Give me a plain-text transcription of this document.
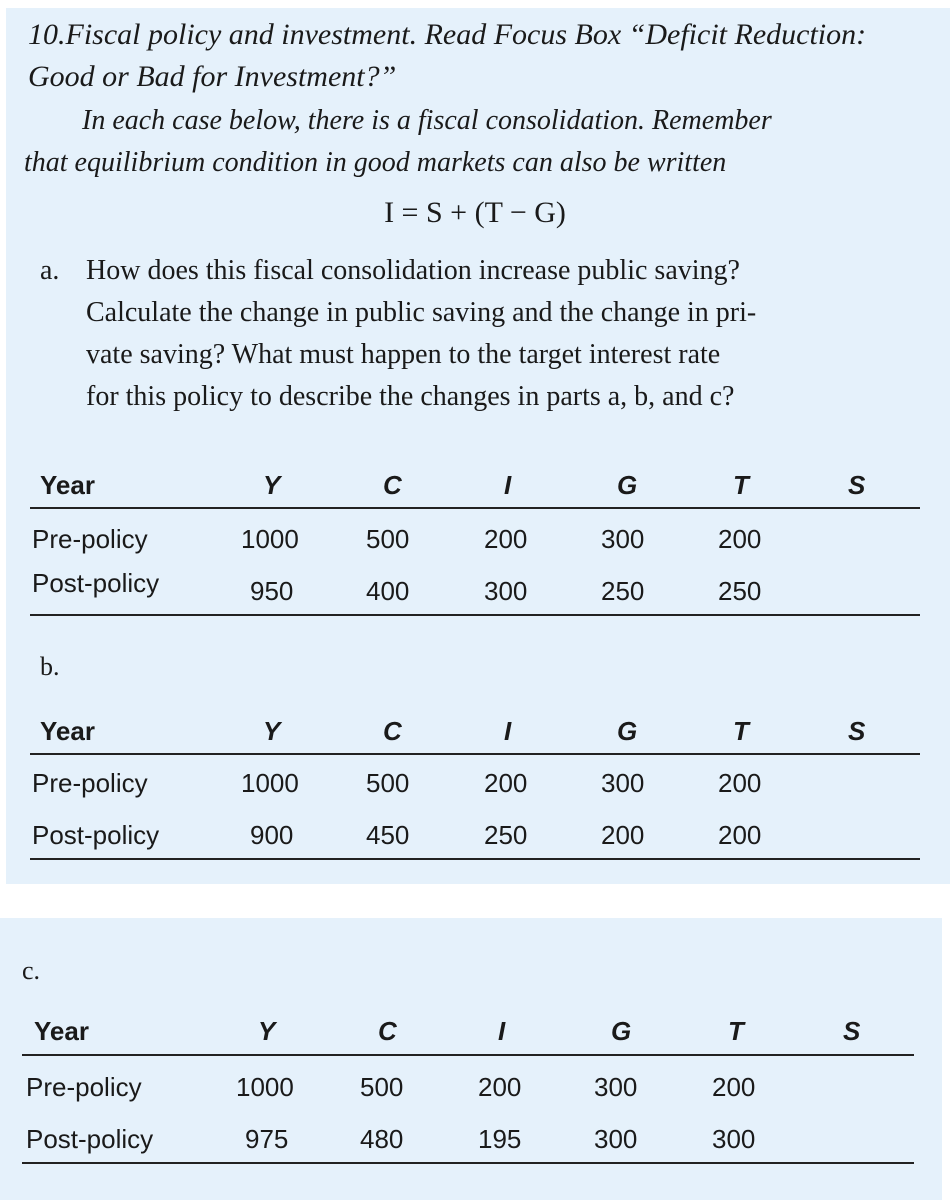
10.Fiscal policy and investment. Read Focus Box “Deficit Reduction:
Good or Bad for Investment?”
In each case below, there is a fiscal consolidation. Remember
that equilibrium condition in good markets can also be written
I = S + (T − G)
a. How does this fiscal consolidation increase public saving?
Calculate the change in public saving and the change in pri-
vate saving? What must happen to the target interest rate
for this policy to describe the changes in parts a, b, and c?
Year	Y	C	I	G	T	S
Pre-policy	1000	500	200	300	200
Post-policy	950	400	300	250	250
b.
Year	Y	C	I	G	T	S
Pre-policy	1000	500	200	300	200
Post-policy	900	450	250	200	200
c.
Year	Y	C	I	G	T	S
Pre-policy	1000	500	200	300	200
Post-policy	975	480	195	300	300
